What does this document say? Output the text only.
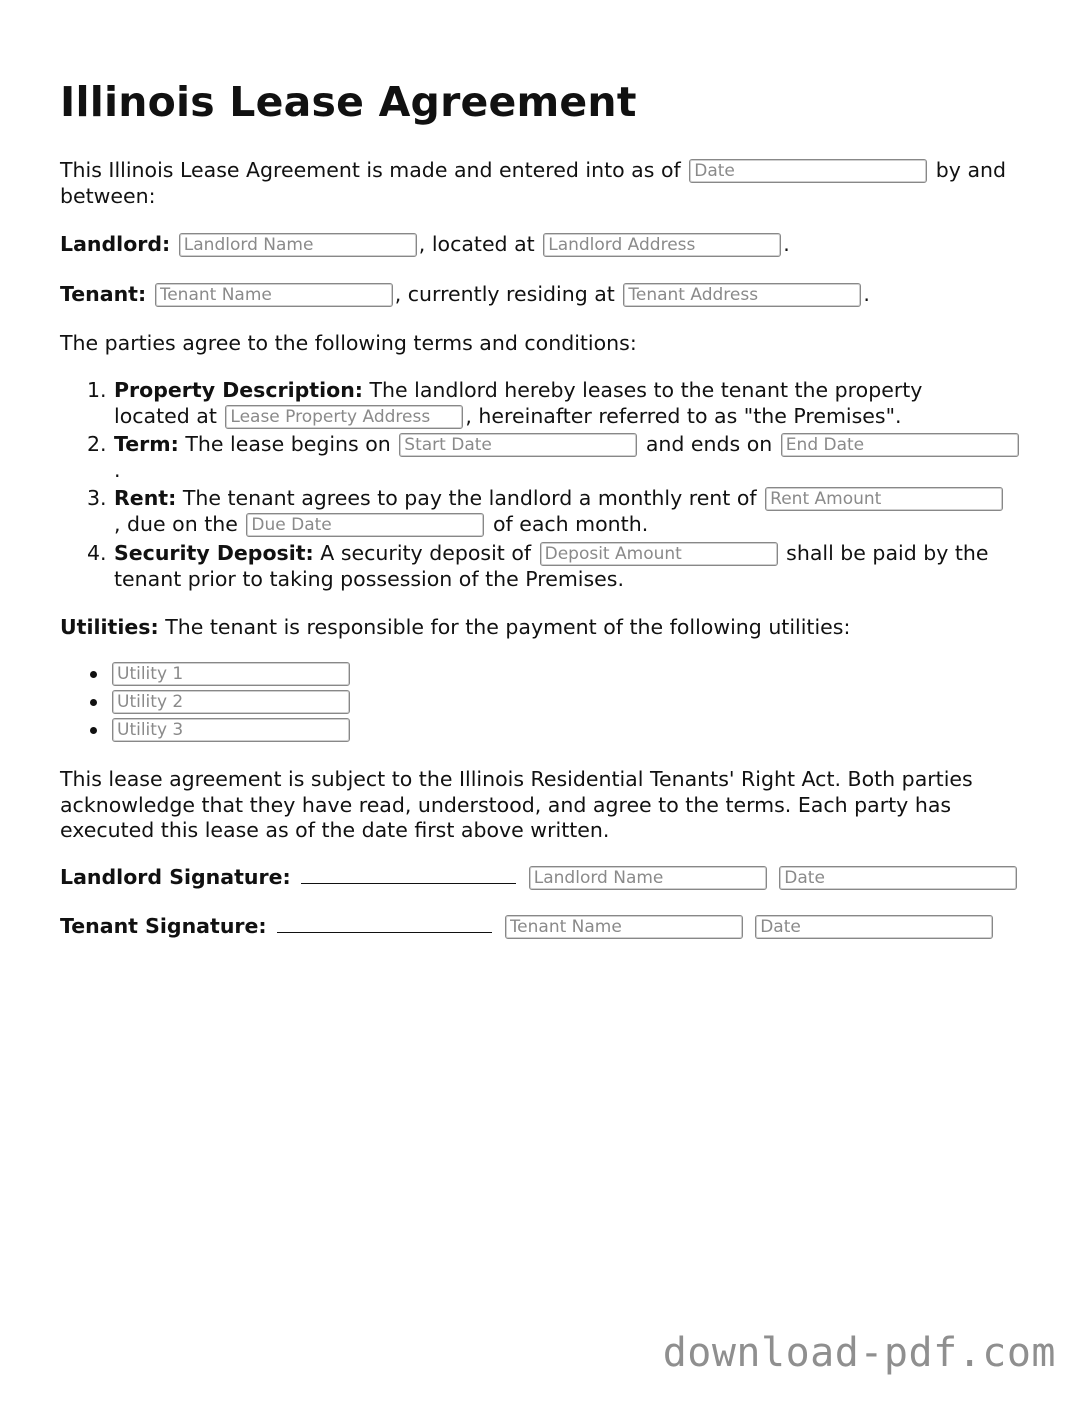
Illinois Lease Agreement
This Illinois Lease Agreement is made and entered into as of Date	by and
between:
Landlord: Landlord Name	, located at Landlord Address	.
Tenant: Tenant Name	, currently residing at Tenant Address	.
The parties agree to the following terms and conditions:
1. Property Description: The landlord hereby leases to the tenant the property
located at Lease Property Address	, hereinafter referred to as "the Premises".
2. Term: The lease begins on Start Date	and ends on End Date
.
3. Rent: The tenant agrees to pay the landlord a monthly rent of Rent Amount
, due on the Due Date	of each month.
4. Security Deposit: A security deposit of Deposit Amount	shall be paid by the
tenant prior to taking possession of the Premises.
Utilities: The tenant is responsible for the payment of the following utilities:
Utility 1
Utility 2
Utility 3
This lease agreement is subject to the Illinois Residential Tenants' Right Act. Both parties
acknowledge that they have read, understood, and agree to the terms. Each party has
executed this lease as of the date first above written.
Landlord Signature:  Landlord Name Date
Tenant Signature:  Tenant Name Date
download-pdf.com
